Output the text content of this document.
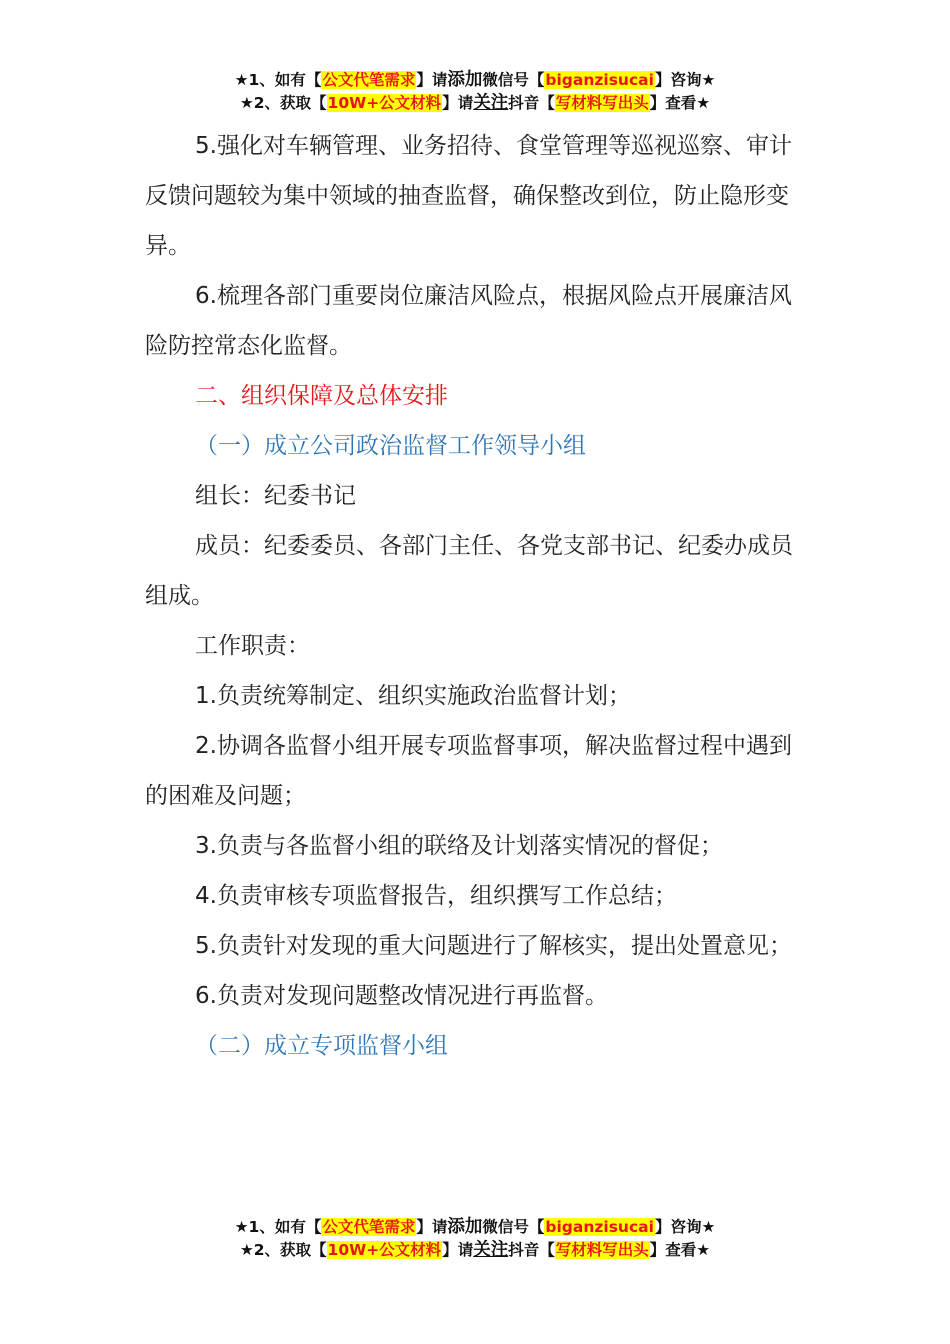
★1、如有【公文代笔需求】请添加微信号【biganzisucai】咨询★
★2、获取【10W+公文材料】请关注抖音【写材料写出头】查看★

5.强化对车辆管理、业务招待、食堂管理等巡视巡察、审计反馈问题较为集中领域的抽查监督，确保整改到位，防止隐形变异。

6.梳理各部门重要岗位廉洁风险点，根据风险点开展廉洁风险防控常态化监督。

二、组织保障及总体安排

（一）成立公司政治监督工作领导小组

组长：纪委书记

成员：纪委委员、各部门主任、各党支部书记、纪委办成员组成。

工作职责：

1.负责统筹制定、组织实施政治监督计划；

2.协调各监督小组开展专项监督事项，解决监督过程中遇到的困难及问题；

3.负责与各监督小组的联络及计划落实情况的督促；

4.负责审核专项监督报告，组织撰写工作总结；

5.负责针对发现的重大问题进行了解核实，提出处置意见；

6.负责对发现问题整改情况进行再监督。

（二）成立专项监督小组

★1、如有【公文代笔需求】请添加微信号【biganzisucai】咨询★
★2、获取【10W+公文材料】请关注抖音【写材料写出头】查看★
